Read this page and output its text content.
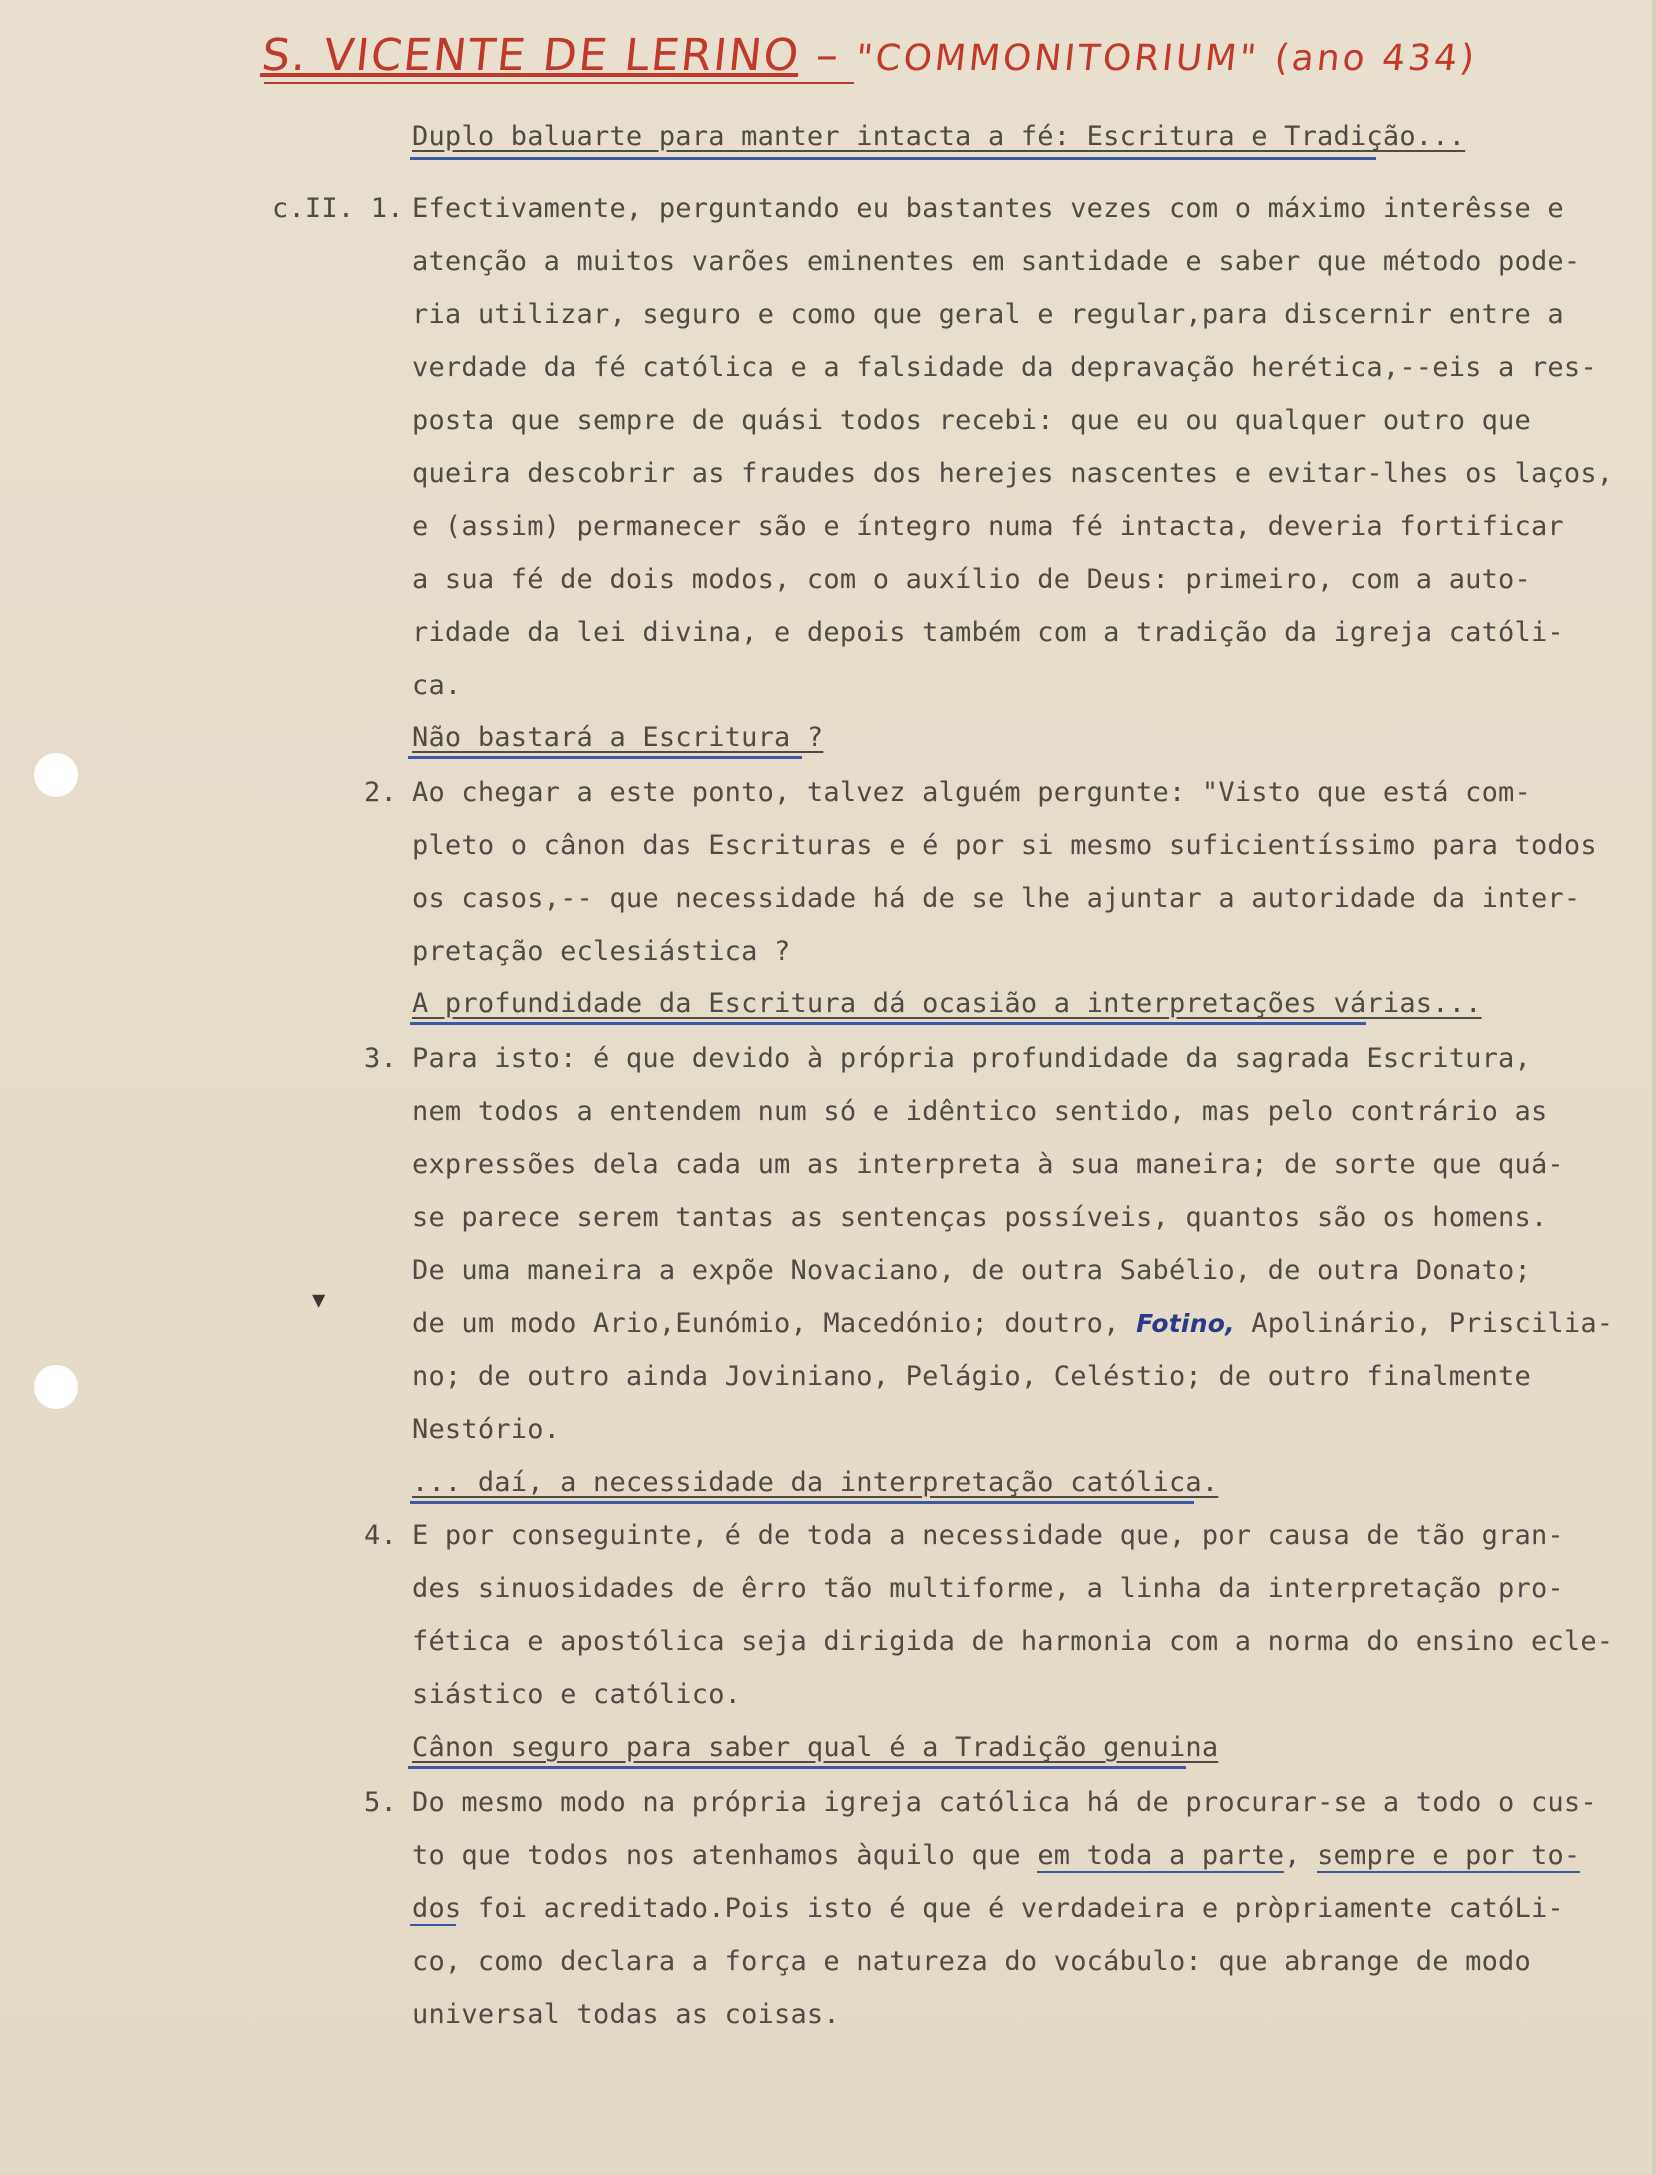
S. VICENTE DE LERINO – "COMMONITORIUM" (ano 434)
Duplo baluarte para manter intacta a fé: Escritura e Tradição...
c.II. 1. Efectivamente, perguntando eu bastantes vezes com o máximo interêsse e
atenção a muitos varões eminentes em santidade e saber que método pode-
ria utilizar, seguro e como que geral e regular,para discernir entre a
verdade da fé católica e a falsidade da depravação herética,--eis a res-
posta que sempre de quási todos recebi: que eu ou qualquer outro que
queira descobrir as fraudes dos herejes nascentes e evitar-lhes os laços,
e (assim) permanecer são e íntegro numa fé intacta, deveria fortificar
a sua fé de dois modos, com o auxílio de Deus: primeiro, com a auto-
ridade da lei divina, e depois também com a tradição da igreja católi-
ca.
Não bastará a Escritura ?
2. Ao chegar a este ponto, talvez alguém pergunte: "Visto que está com-
pleto o cânon das Escrituras e é por si mesmo suficientíssimo para todos
os casos,-- que necessidade há de se lhe ajuntar a autoridade da inter-
pretação eclesiástica ?
A profundidade da Escritura dá ocasião a interpretações várias...
3. Para isto: é que devido à própria profundidade da sagrada Escritura,
nem todos a entendem num só e idêntico sentido, mas pelo contrário as
expressões dela cada um as interpreta à sua maneira; de sorte que quá-
se parece serem tantas as sentenças possíveis, quantos são os homens.
De uma maneira a expõe Novaciano, de outra Sabélio, de outra Donato;
de um modo Ario,Eunómio, Macedónio; doutro, Fotino, Apolinário, Priscilia-
no; de outro ainda Joviniano, Pelágio, Celéstio; de outro finalmente
Nestório.
... daí, a necessidade da interpretação católica.
4. E por conseguinte, é de toda a necessidade que, por causa de tão gran-
des sinuosidades de êrro tão multiforme, a linha da interpretação pro-
fética e apostólica seja dirigida de harmonia com a norma do ensino ecle-
siástico e católico.
Cânon seguro para saber qual é a Tradição genuina
5. Do mesmo modo na própria igreja católica há de procurar-se a todo o cus-
to que todos nos atenhamos àquilo que em toda a parte, sempre e por to-
dos foi acreditado.Pois isto é que é verdadeira e pròpriamente catóLi-
co, como declara a força e natureza do vocábulo: que abrange de modo
universal todas as coisas.
▼
